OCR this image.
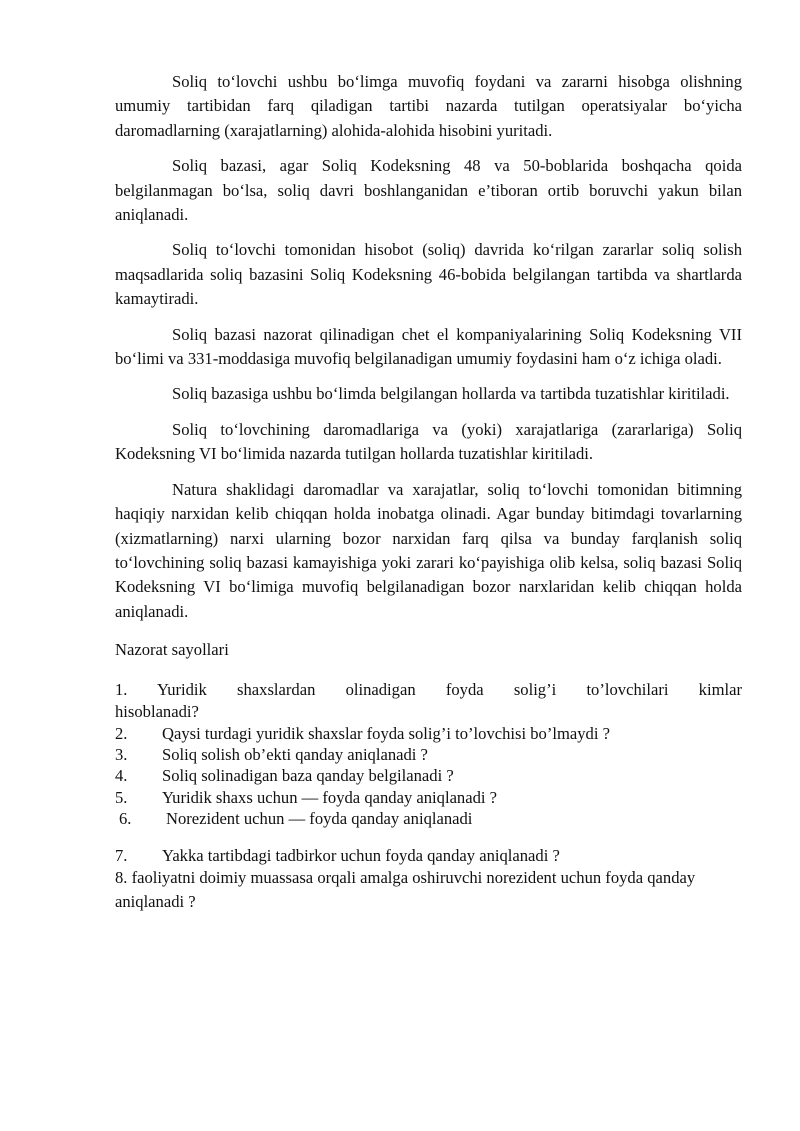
Soliq to‘lovchi ushbu bo‘limga muvofiq foydani va zararni hisobga olishning umumiy tartibidan farq qiladigan tartibi nazarda tutilgan operatsiyalar bo‘yicha daromadlarning (xarajatlarning) alohida-alohida hisobini yuritadi.

Soliq bazasi, agar Soliq Kodeksning 48 va 50-boblarida boshqacha qoida belgilanmagan bo‘lsa, soliq davri boshlanganidan e’tiboran ortib boruvchi yakun bilan aniqlanadi.

Soliq to‘lovchi tomonidan hisobot (soliq) davrida ko‘rilgan zararlar soliq solish maqsadlarida soliq bazasini Soliq Kodeksning 46-bobida belgilangan tartibda va shartlarda kamaytiradi.

Soliq bazasi nazorat qilinadigan chet el kompaniyalarining Soliq Kodeksning VII bo‘limi va 331-moddasiga muvofiq belgilanadigan umumiy foydasini ham o‘z ichiga oladi.

Soliq bazasiga ushbu bo‘limda belgilangan hollarda va tartibda tuzatishlar kiritiladi.

Soliq to‘lovchining daromadlariga va (yoki) xarajatlariga (zararlariga) Soliq Kodeksning VI bo‘limida nazarda tutilgan hollarda tuzatishlar kiritiladi.

Natura shaklidagi daromadlar va xarajatlar, soliq to‘lovchi tomonidan bitimning haqiqiy narxidan kelib chiqqan holda inobatga olinadi. Agar bunday bitimdagi tovarlarning (xizmatlarning) narxi ularning bozor narxidan farq qilsa va bunday farqlanish soliq to‘lovchining soliq bazasi kamayishiga yoki zarari ko‘payishiga olib kelsa, soliq bazasi Soliq Kodeksning VI bo‘limiga muvofiq belgilanadigan bozor narxlaridan kelib chiqqan holda aniqlanadi.

Nazorat sayollari

1. Yuridik shaxslardan olinadigan foyda solig’i to’lovchilari kimlar
hisoblanadi?
2.	Qaysi turdagi yuridik shaxslar foyda solig’i to’lovchisi bo’lmaydi ?
3.	Soliq solish ob’ekti qanday aniqlanadi ?
4.	Soliq solinadigan baza qanday belgilanadi ?
5.	Yuridik shaxs uchun — foyda qanday aniqlanadi ?
6.	Norezident uchun — foyda qanday aniqlanadi
7.	Yakka tartibdagi tadbirkor uchun foyda qanday aniqlanadi ?
8. faoliyatni doimiy muassasa orqali amalga oshiruvchi norezident uchun foyda qanday aniqlanadi ?
